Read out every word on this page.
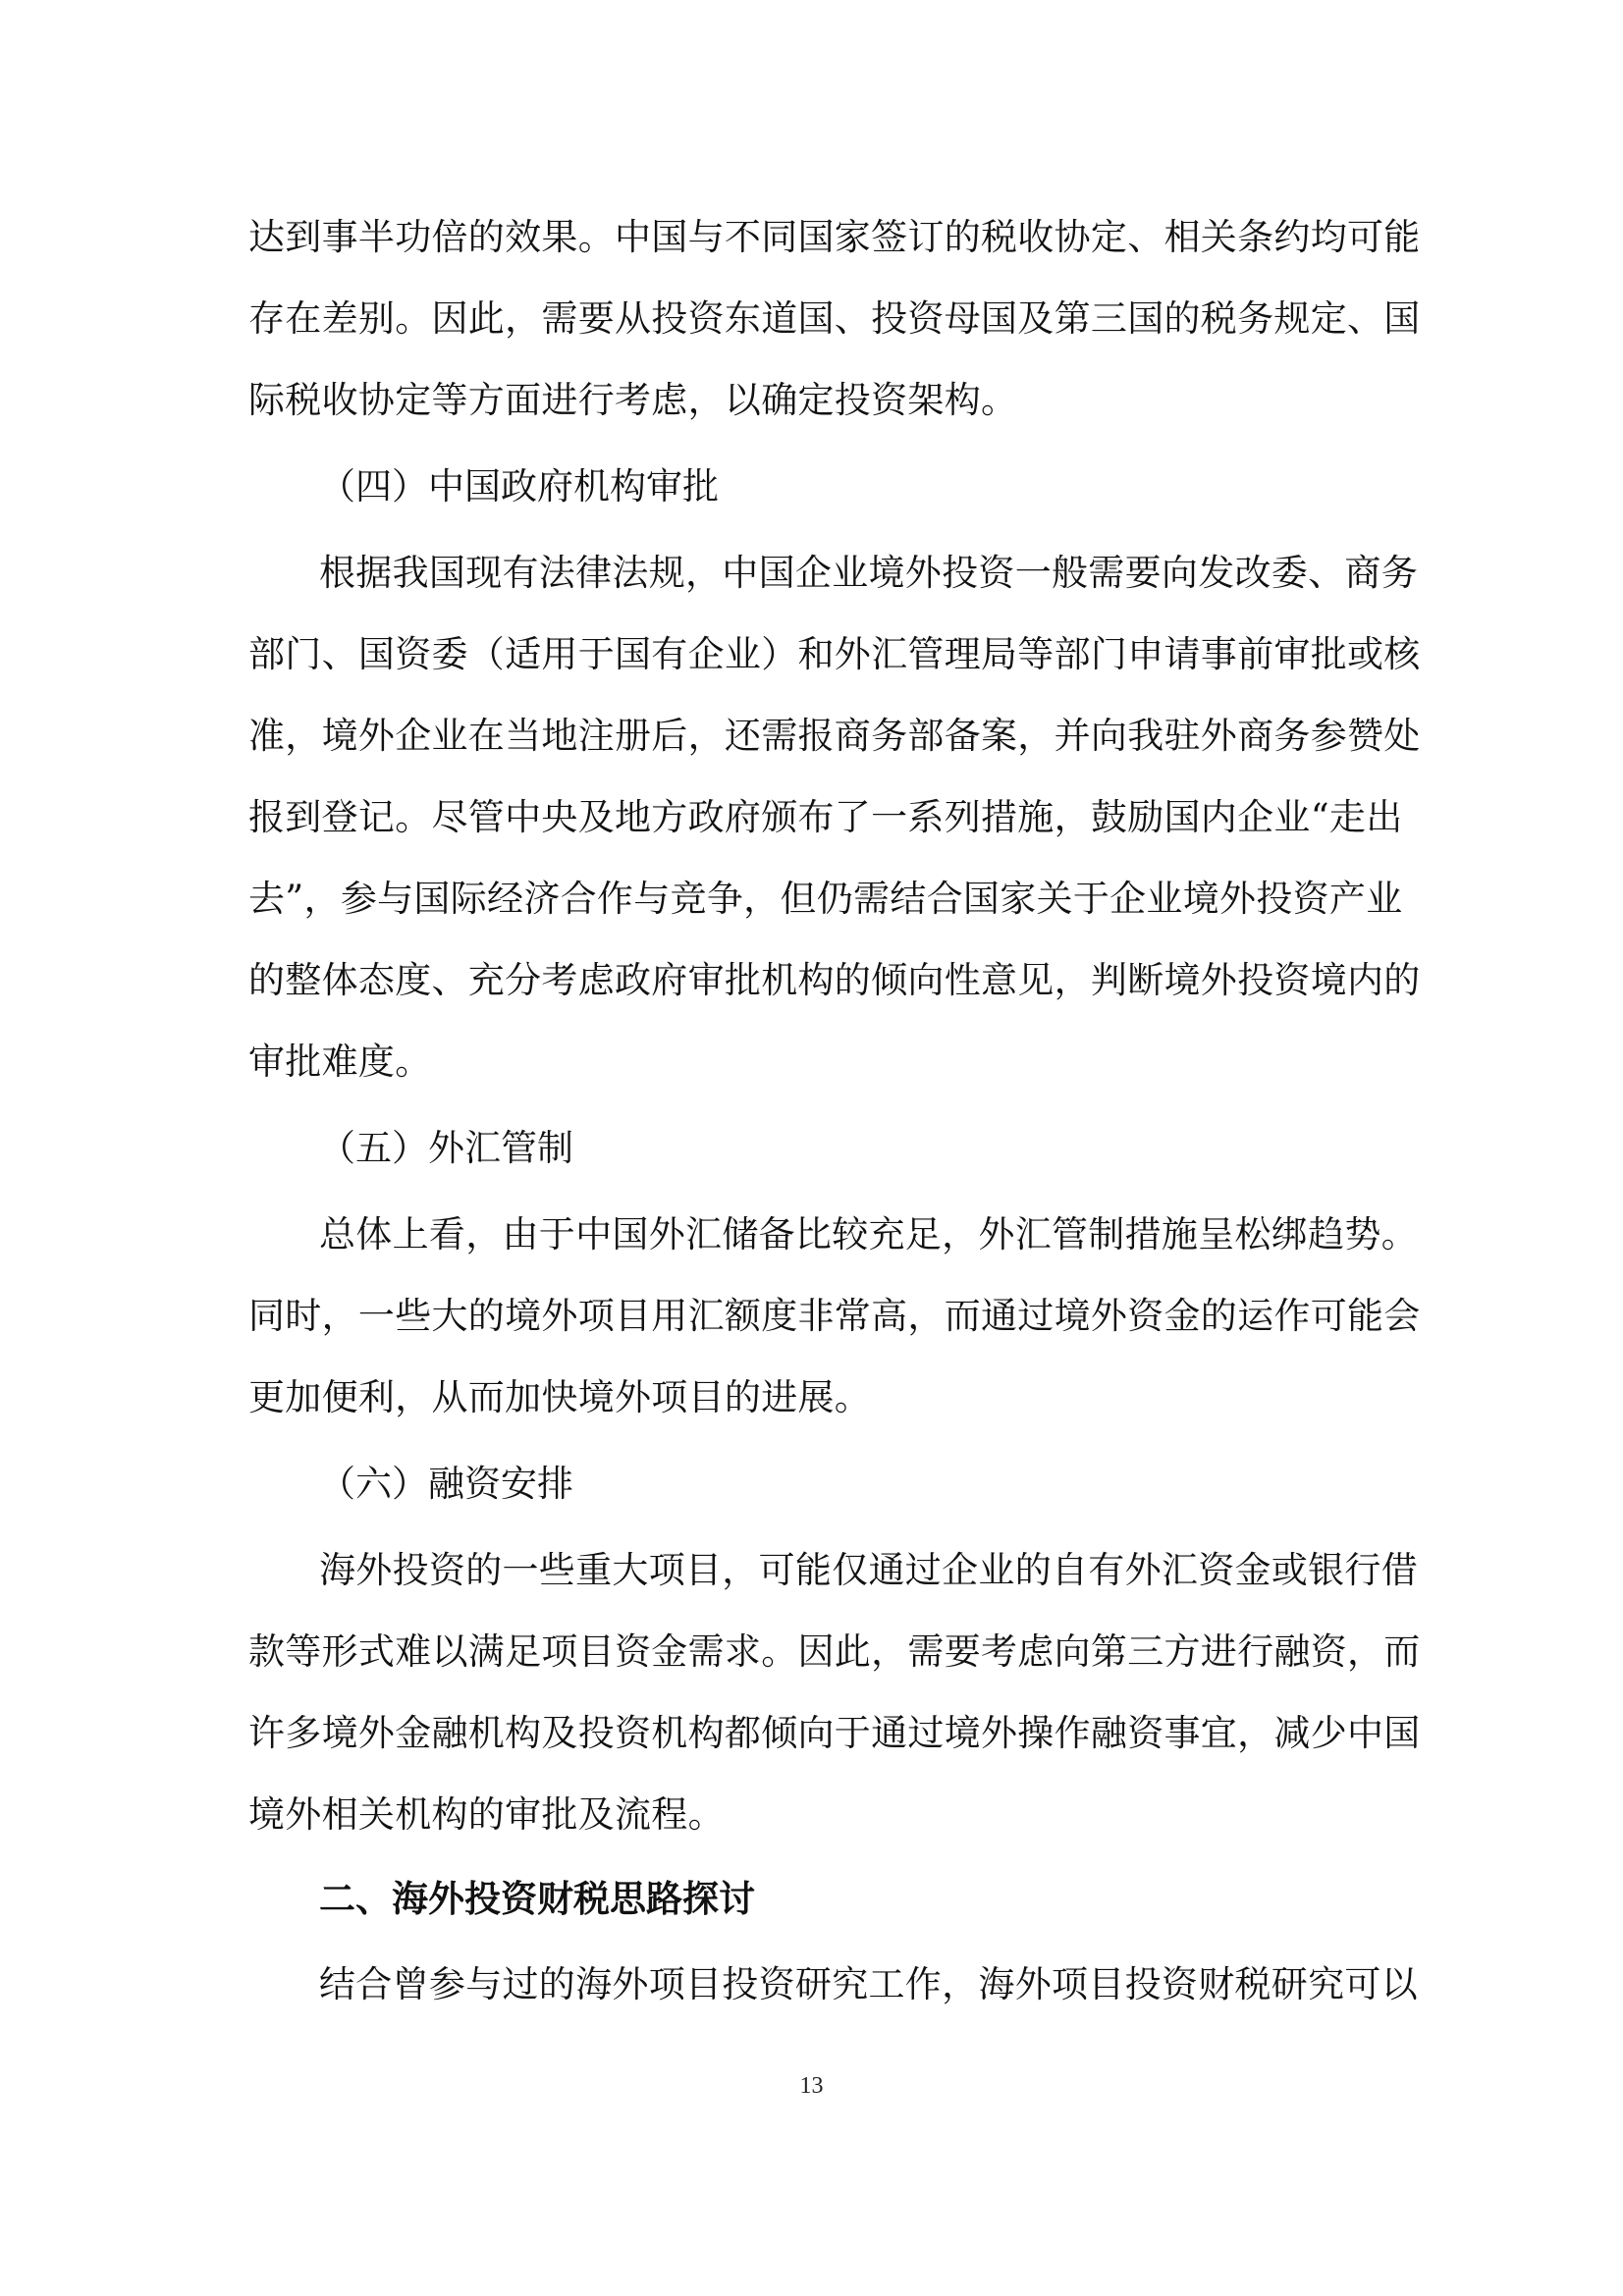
达到事半功倍的效果。中国与不同国家签订的税收协定、相关条约均可能
存在差别。因此，需要从投资东道国、投资母国及第三国的税务规定、国
际税收协定等方面进行考虑，以确定投资架构。
（四）中国政府机构审批
根据我国现有法律法规，中国企业境外投资一般需要向发改委、商务
部门、国资委（适用于国有企业）和外汇管理局等部门申请事前审批或核
准，境外企业在当地注册后，还需报商务部备案，并向我驻外商务参赞处
报到登记。尽管中央及地方政府颁布了一系列措施，鼓励国内企业“走出
去”，参与国际经济合作与竞争，但仍需结合国家关于企业境外投资产业
的整体态度、充分考虑政府审批机构的倾向性意见，判断境外投资境内的
审批难度。
（五）外汇管制
总体上看，由于中国外汇储备比较充足，外汇管制措施呈松绑趋势。
同时，一些大的境外项目用汇额度非常高，而通过境外资金的运作可能会
更加便利，从而加快境外项目的进展。
（六）融资安排
海外投资的一些重大项目，可能仅通过企业的自有外汇资金或银行借
款等形式难以满足项目资金需求。因此，需要考虑向第三方进行融资，而
许多境外金融机构及投资机构都倾向于通过境外操作融资事宜，减少中国
境外相关机构的审批及流程。
二、海外投资财税思路探讨
结合曾参与过的海外项目投资研究工作，海外项目投资财税研究可以
13
